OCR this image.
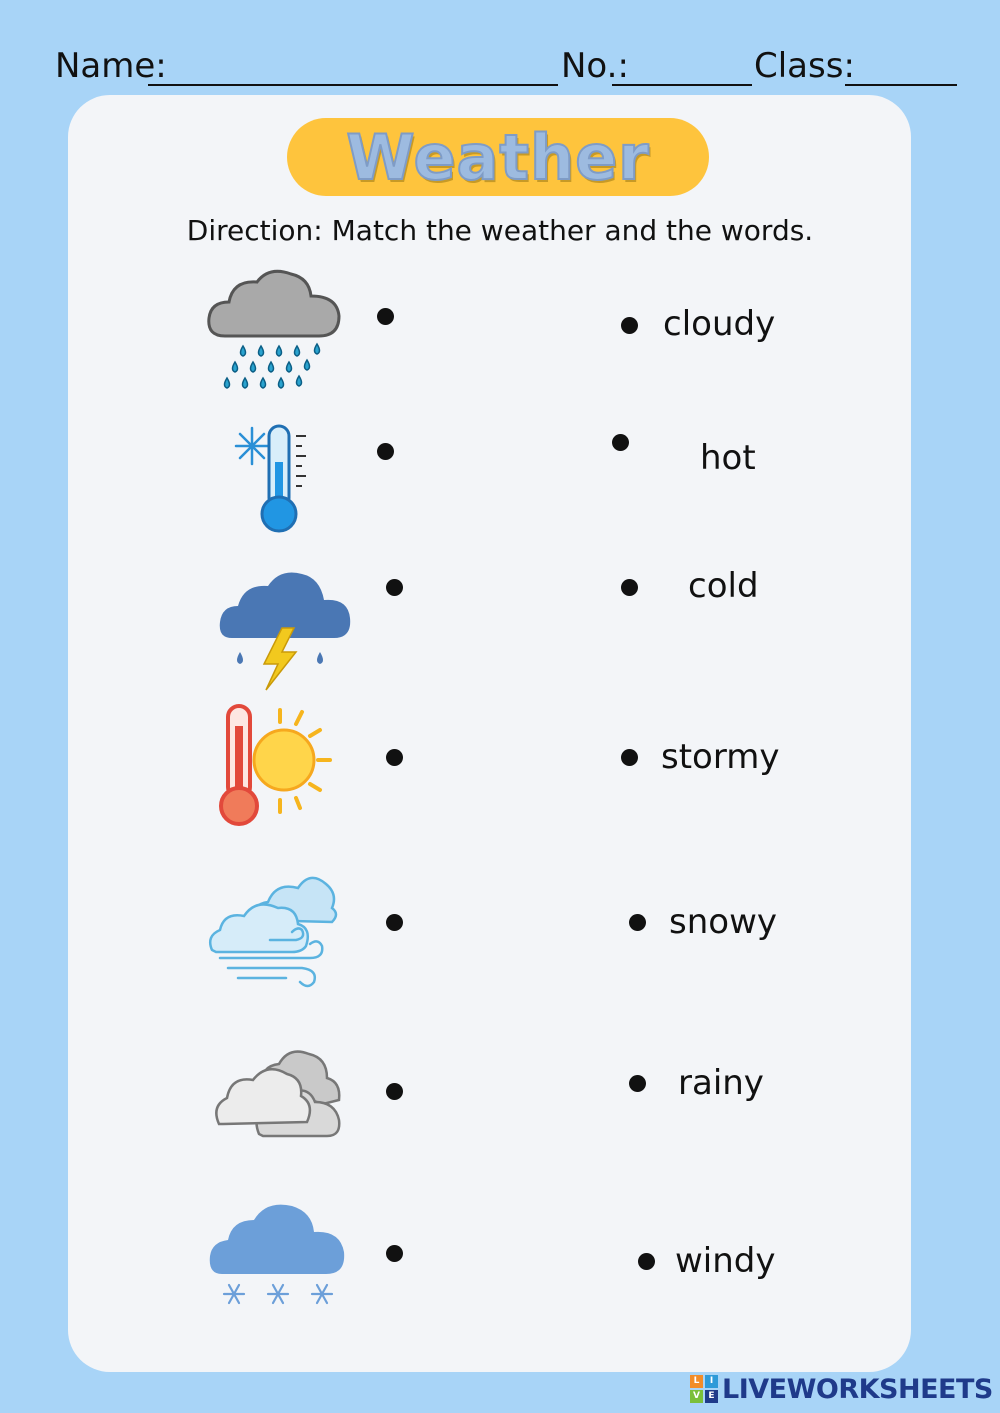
Name:	No.:	Class:
Weather
Direction: Match the weather and the words.
cloudy
hot
cold
stormy
snowy
rainy
windy
L	I
V E LIVEWORKSHEETS
